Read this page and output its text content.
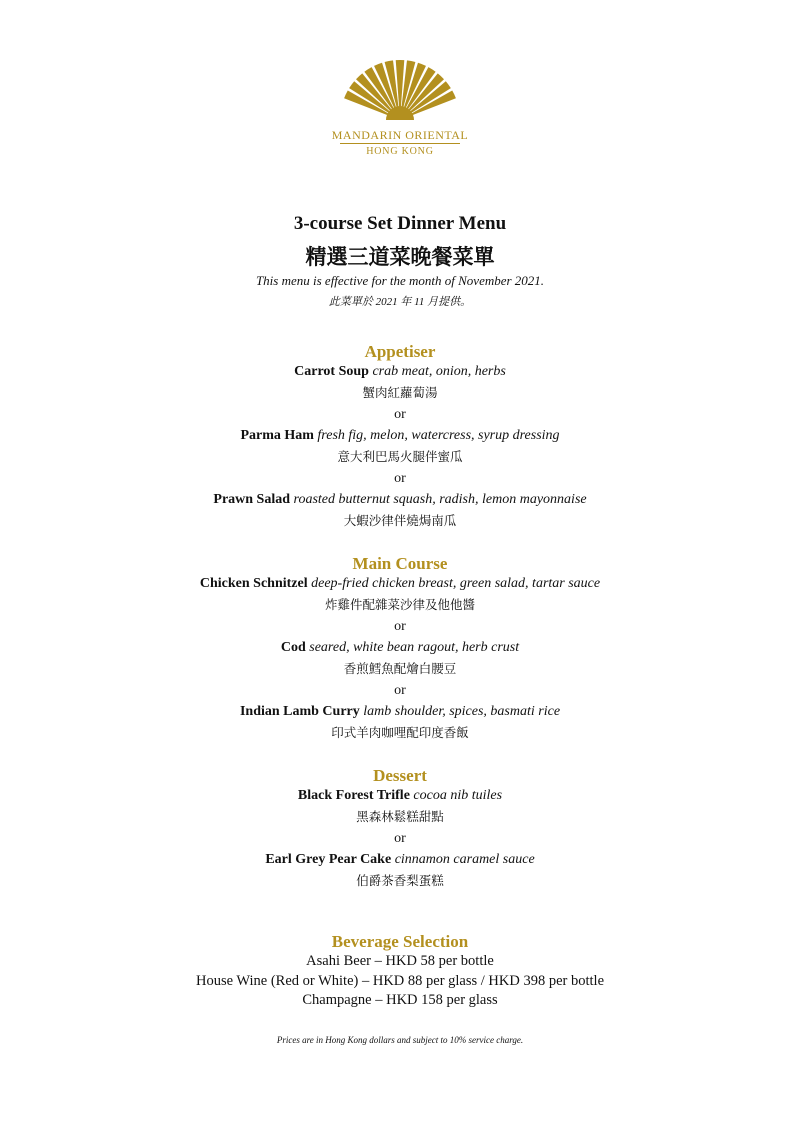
MANDARIN ORIENTAL
HONG KONG
3-course Set Dinner Menu
精選三道菜晚餐菜單
This menu is effective for the month of November 2021.
此菜單於 2021 年 11 月提供。
Appetiser
Carrot Soup crab meat, onion, herbs
蟹肉紅蘿蔔湯
or
Parma Ham fresh fig, melon, watercress, syrup dressing
意大利巴馬火腿伴蜜瓜
or
Prawn Salad roasted butternut squash, radish, lemon mayonnaise
大蝦沙律伴燒焗南瓜
Main Course
Chicken Schnitzel deep-fried chicken breast, green salad, tartar sauce
炸雞件配雜菜沙律及他他醬
or
Cod seared, white bean ragout, herb crust
香煎鱈魚配燴白腰豆
or
Indian Lamb Curry lamb shoulder, spices, basmati rice
印式羊肉咖哩配印度香飯
Dessert
Black Forest Trifle cocoa nib tuiles
黑森林鬆糕甜點
or
Earl Grey Pear Cake cinnamon caramel sauce
伯爵茶香梨蛋糕
Beverage Selection
Asahi Beer – HKD 58 per bottle
House Wine (Red or White) – HKD 88 per glass / HKD 398 per bottle
Champagne – HKD 158 per glass
Prices are in Hong Kong dollars and subject to 10% service charge.
